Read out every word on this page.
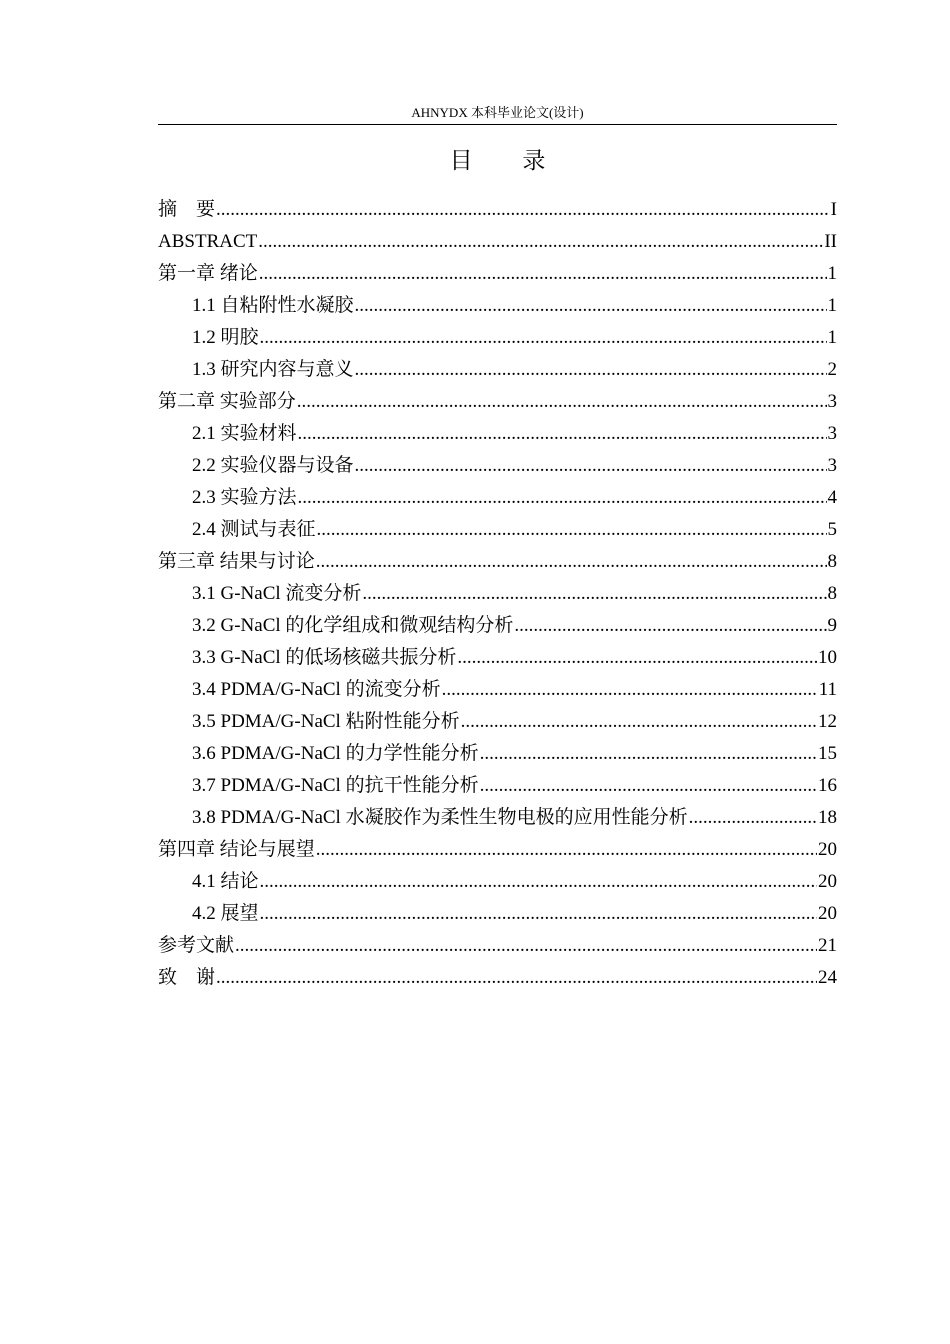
AHNYDX 本科毕业论文(设计)
目 录
摘　要 .....	I
ABSTRACT .....	II
第一章 绪论 .....	1
1.1 自粘附性水凝胶 .....	1
1.2 明胶 .....	1
1.3 研究内容与意义 .....	2
第二章 实验部分 .....	3
2.1 实验材料 .....	3
2.2 实验仪器与设备 .....	3
2.3 实验方法 .....	4
2.4 测试与表征 .....	5
第三章 结果与讨论 .....	8
3.1 G-NaCl 流变分析 .....	8
3.2 G-NaCl 的化学组成和微观结构分析 .....	9
3.3 G-NaCl 的低场核磁共振分析 .....	10
3.4 PDMA/G-NaCl 的流变分析 .....	11
3.5 PDMA/G-NaCl 粘附性能分析 .....	12
3.6 PDMA/G-NaCl 的力学性能分析 .....	15
3.7 PDMA/G-NaCl 的抗干性能分析 .....	16
3.8 PDMA/G-NaCl 水凝胶作为柔性生物电极的应用性能分析 .....	18
第四章 结论与展望 .....	20
4.1 结论 .....	20
4.2 展望 .....	20
参考文献 .....	21
致　谢 .....	24
